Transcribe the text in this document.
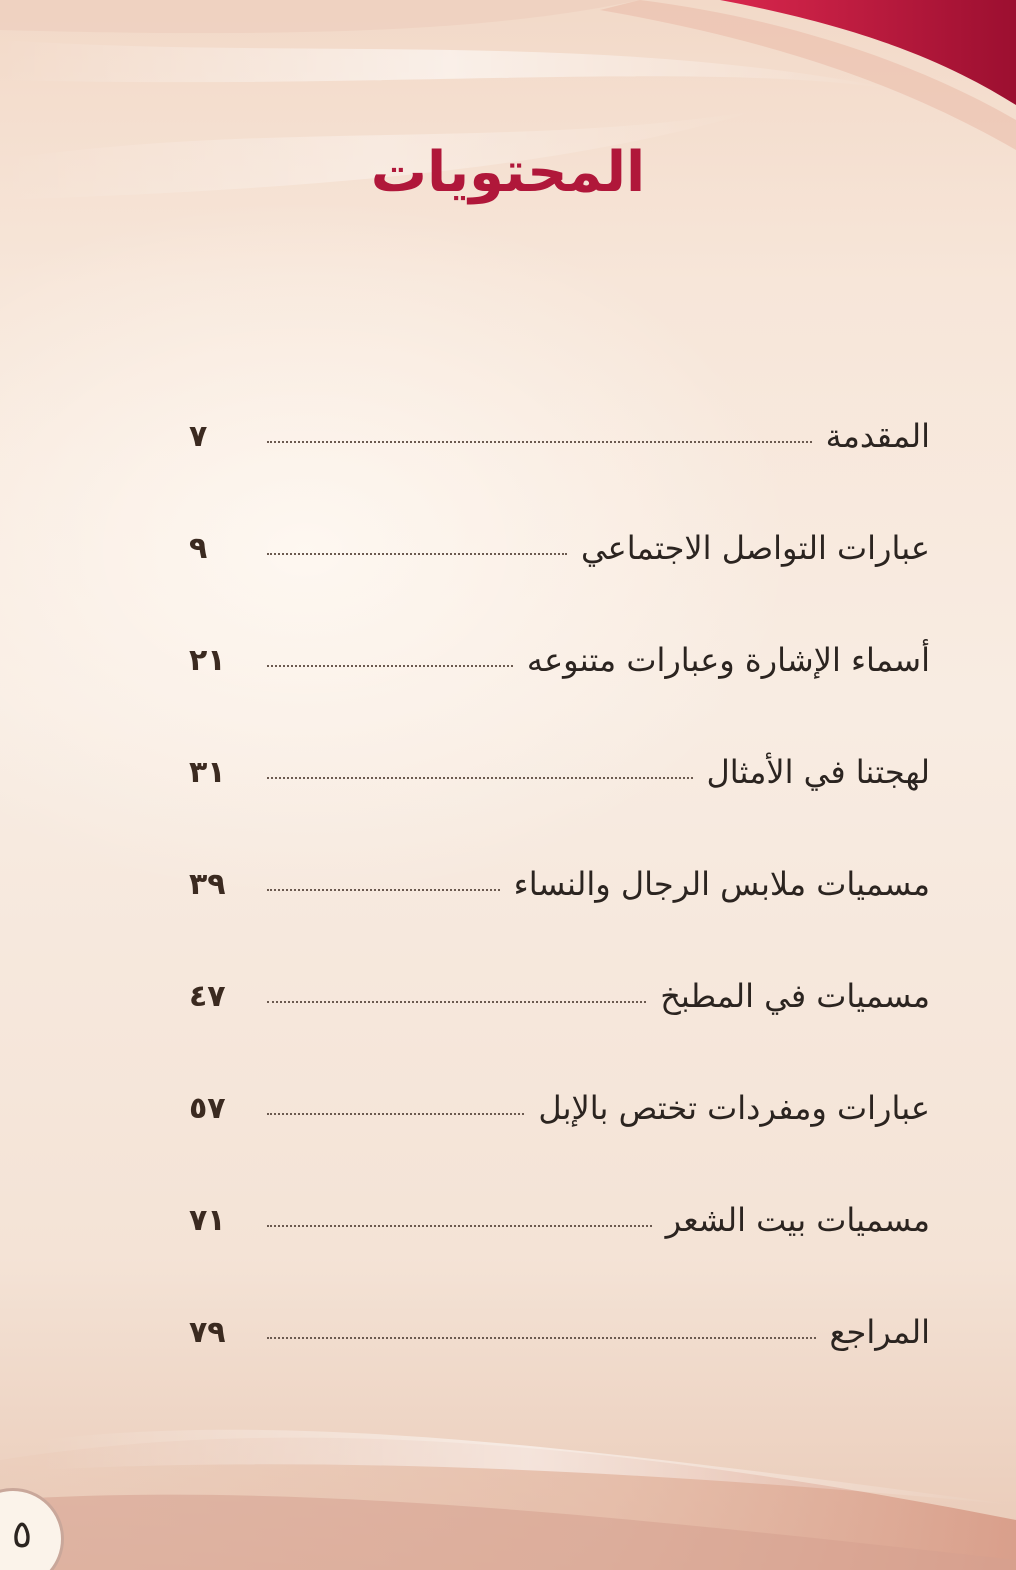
المحتويات
٧	المقدمة
٩	عبارات التواصل الاجتماعي
٢١	أسماء الإشارة وعبارات متنوعه
٣١	لهجتنا في الأمثال
٣٩	مسميات ملابس الرجال والنساء
٤٧	مسميات في المطبخ
٥٧	عبارات ومفردات تختص بالإبل
٧١	مسميات بيت الشعر
٧٩	المراجع
٥
